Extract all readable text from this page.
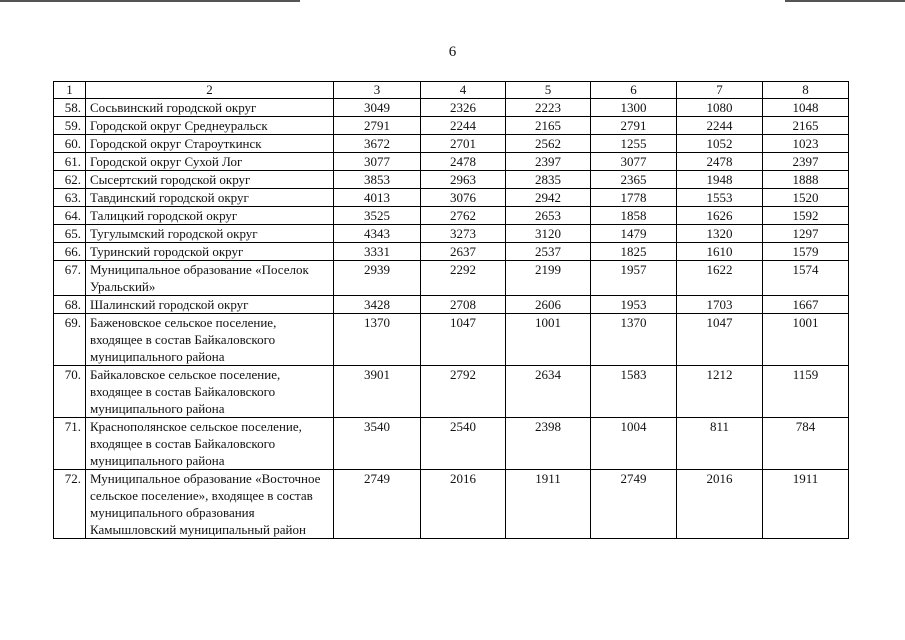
6
1	2	3	4	5	6	7	8
58.	Сосьвинский городской округ	3049	2326	2223	1300	1080	1048
59.	Городской округ Среднеуральск	2791	2244	2165	2791	2244	2165
60.	Городской округ Староуткинск	3672	2701	2562	1255	1052	1023
61.	Городской округ Сухой Лог	3077	2478	2397	3077	2478	2397
62.	Сысертский городской округ	3853	2963	2835	2365	1948	1888
63.	Тавдинский городской округ	4013	3076	2942	1778	1553	1520
64.	Талицкий городской округ	3525	2762	2653	1858	1626	1592
65.	Тугулымский городской округ	4343	3273	3120	1479	1320	1297
66.	Туринский городской округ	3331	2637	2537	1825	1610	1579
67.	Муниципальное образование «Поселок Уральский»	2939	2292	2199	1957	1622	1574
68.	Шалинский городской округ	3428	2708	2606	1953	1703	1667
69.	Баженовское сельское поселение, входящее в состав Байкаловского муниципального района	1370	1047	1001	1370	1047	1001
70.	Байкаловское сельское поселение, входящее в состав Байкаловского муниципального района	3901	2792	2634	1583	1212	1159
71.	Краснополянское сельское поселение, входящее в состав Байкаловского муниципального района	3540	2540	2398	1004	811	784
72.	Муниципальное образование «Восточное сельское поселение», входящее в состав муниципального образования Камышловский муниципальный район	2749	2016	1911	2749	2016	1911
